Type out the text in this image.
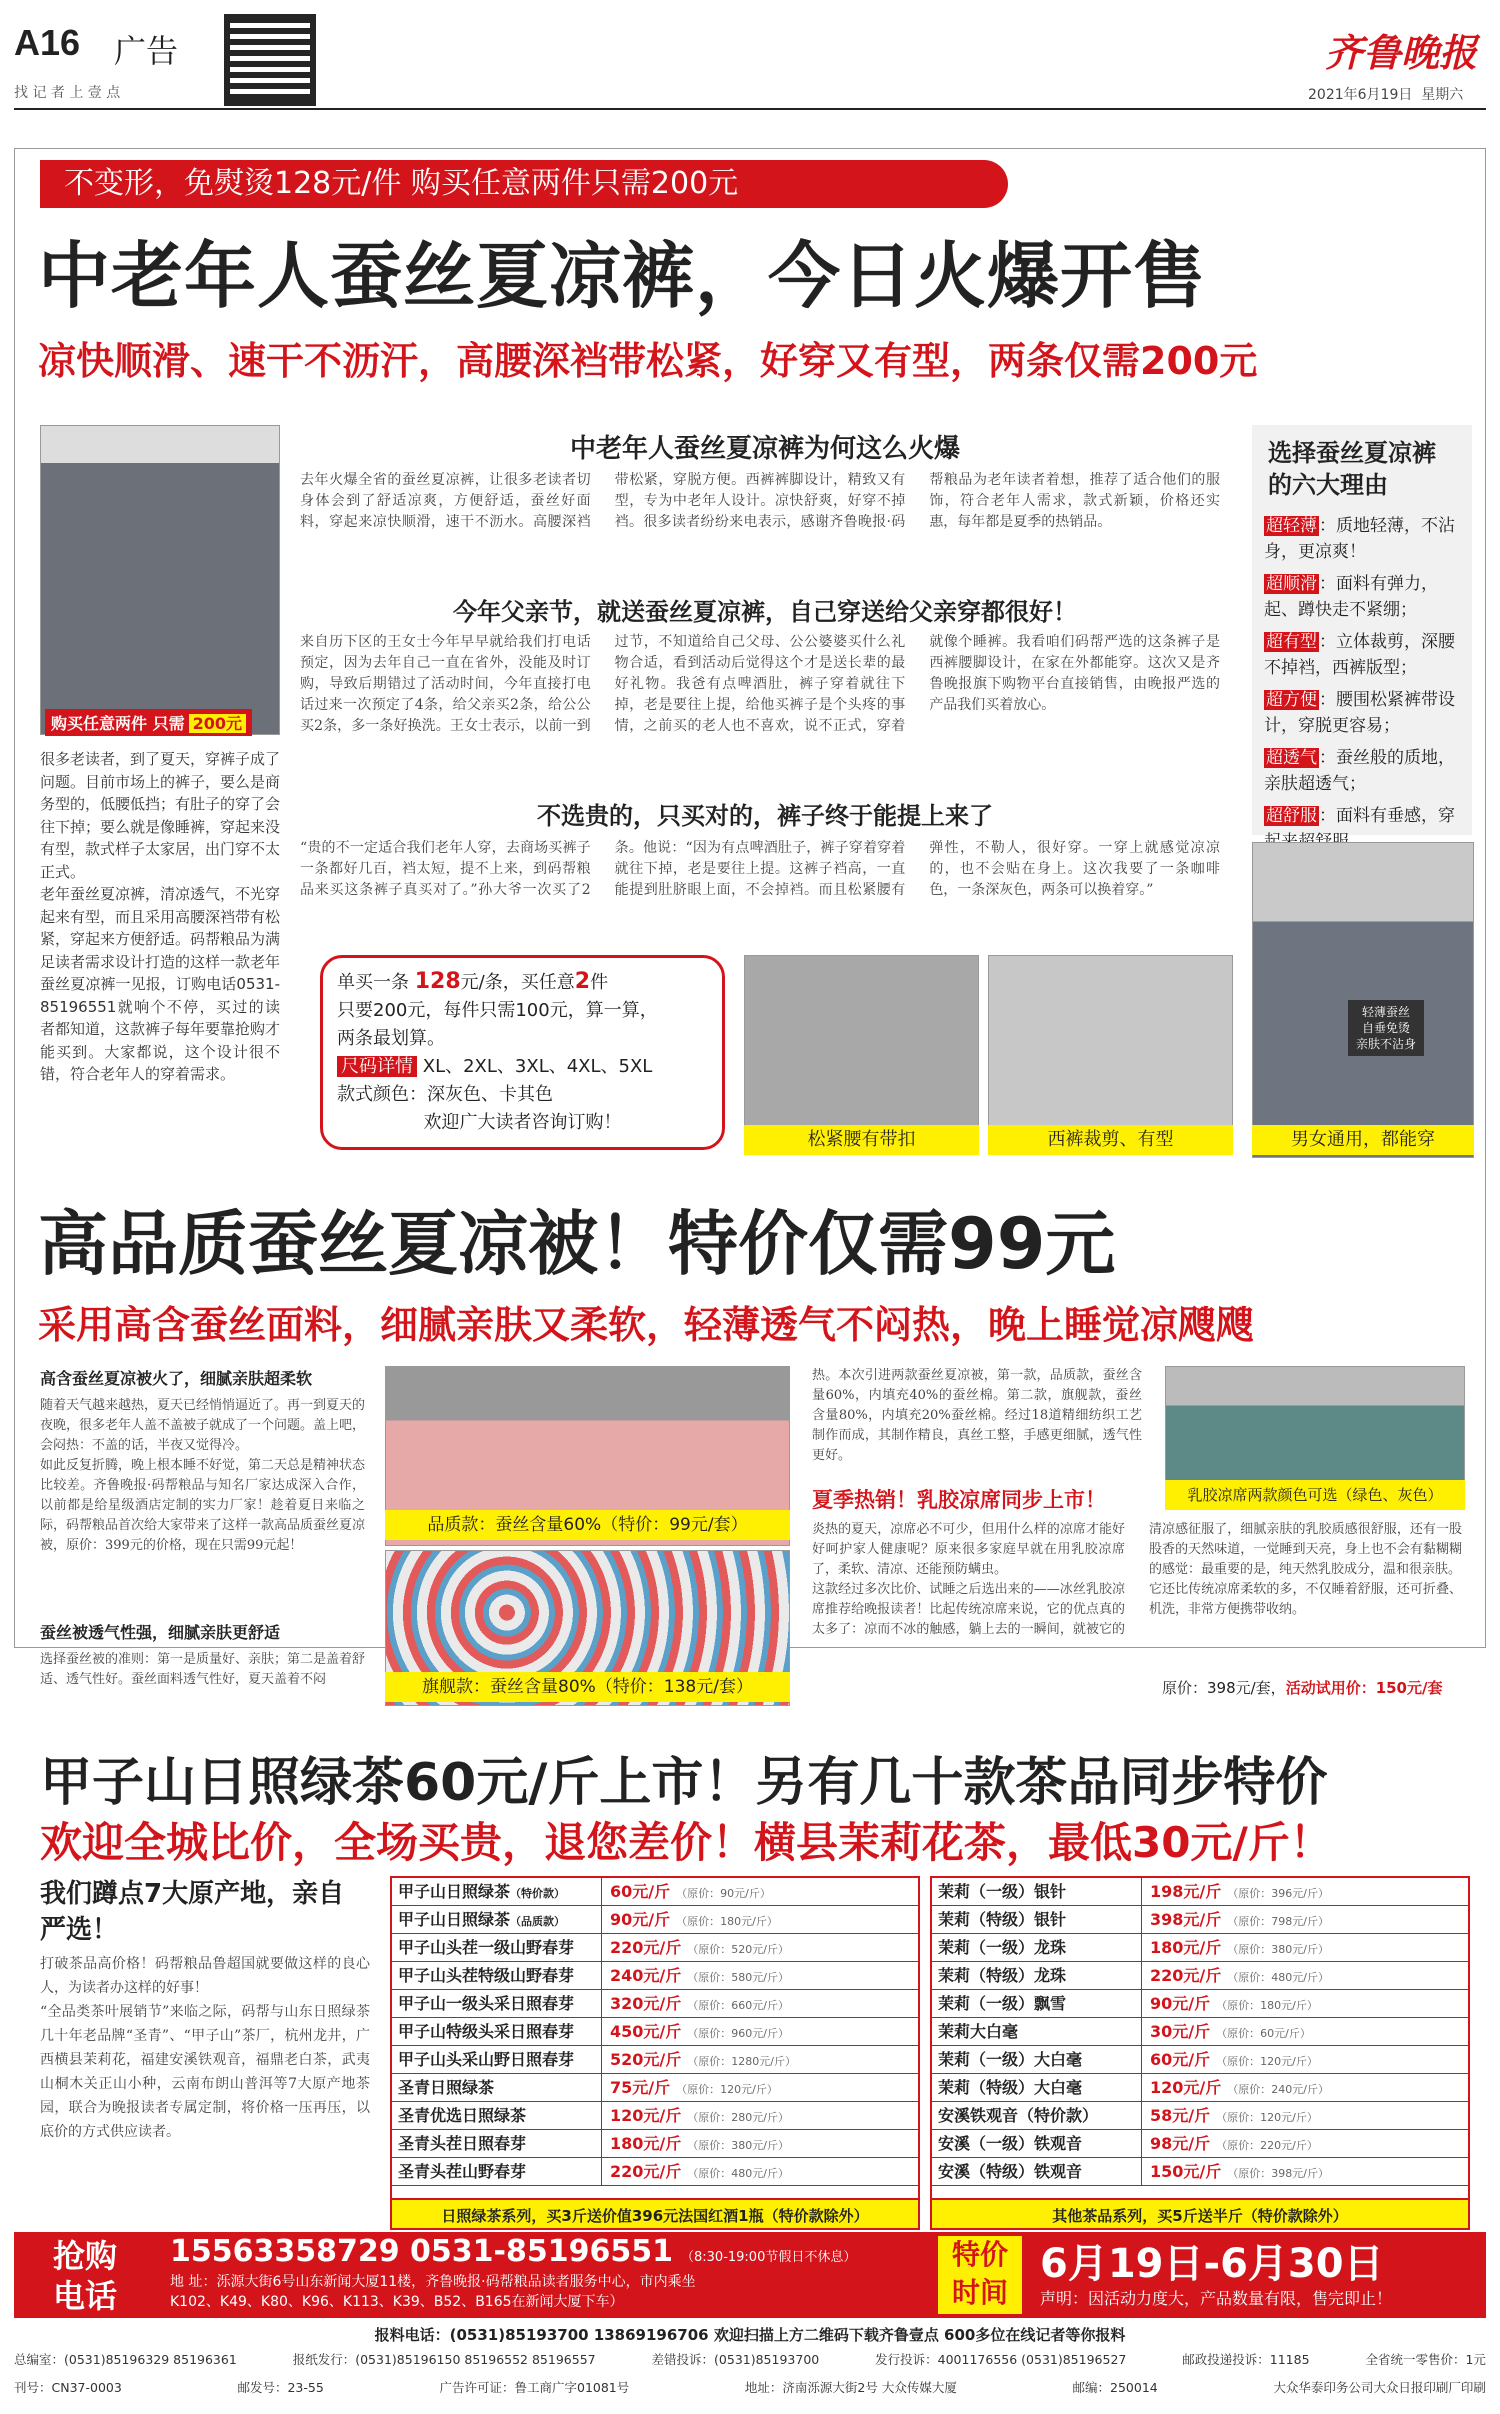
A16 广告
找 记 者 上 壹 点
齐鲁晚报
2021年6月19日 星期六
不变形，免熨烫128元/件 购买任意两件只需200元
中老年人蚕丝夏凉裤，今日火爆开售
凉快顺滑、速干不沥汗，高腰深裆带松紧，好穿又有型，两条仅需200元
购买任意两件 只需 200元
很多老读者，到了夏天，穿裤子成了问题。目前市场上的裤子，要么是商务型的，低腰低挡；有肚子的穿了会往下掉；要么就是像睡裤，穿起来没有型，款式样子太家居，出门穿不太正式。
老年蚕丝夏凉裤，清凉透气，不光穿起来有型，而且采用高腰深裆带有松紧，穿起来方便舒适。码帮粮品为满足读者需求设计打造的这样一款老年蚕丝夏凉裤一见报，订购电话0531-85196551就响个不停，买过的读者都知道，这款裤子每年要靠抢购才能买到。大家都说，这个设计很不错，符合老年人的穿着需求。
中老年人蚕丝夏凉裤为何这么火爆
去年火爆全省的蚕丝夏凉裤，让很多老读者切身体会到了舒适凉爽，方便舒适，蚕丝好面料，穿起来凉快顺滑，速干不沥水。高腰深裆带松紧，穿脱方便。西裤裤脚设计，精致又有型，专为中老年人设计。凉快舒爽，好穿不掉裆。很多读者纷纷来电表示，感谢齐鲁晚报·码帮粮品为老年读者着想，推荐了适合他们的服饰，符合老年人需求，款式新颖，价格还实惠，每年都是夏季的热销品。
今年父亲节，就送蚕丝夏凉裤，自己穿送给父亲穿都很好！
来自历下区的王女士今年早早就给我们打电话预定，因为去年自己一直在省外，没能及时订购，导致后期错过了活动时间，今年直接打电话过来一次预定了4条，给父亲买2条，给公公买2条，多一条好换洗。王女士表示，以前一到过节，不知道给自己父母、公公婆婆买什么礼物合适，看到活动后觉得这个才是送长辈的最好礼物。我爸有点啤酒肚，裤子穿着就往下掉，老是要往上提，给他买裤子是个头疼的事情，之前买的老人也不喜欢，说不正式，穿着就像个睡裤。我看咱们码帮严选的这条裤子是西裤腰脚设计，在家在外都能穿。这次又是齐鲁晚报旗下购物平台直接销售，由晚报严选的产品我们买着放心。
不选贵的，只买对的，裤子终于能提上来了
“贵的不一定适合我们老年人穿，去商场买裤子一条都好几百，裆太短，提不上来，到码帮粮品来买这条裤子真买对了。”孙大爷一次买了2条。他说：“因为有点啤酒肚子，裤子穿着穿着就往下掉，老是要往上提。这裤子裆高，一直能提到肚脐眼上面，不会掉裆。而且松紧腰有弹性，不勒人，很好穿。一穿上就感觉凉凉的，也不会贴在身上。这次我要了一条咖啡色，一条深灰色，两条可以换着穿。”
选择蚕丝夏凉裤的六大理由
超轻薄 ：质地轻薄，不沾身，更凉爽！
超顺滑 ：面料有弹力，起、蹲快走不紧绷；
超有型 ：立体裁剪，深腰不掉裆，西裤版型；
超方便 ：腰围松紧裤带设计，穿脱更容易；
超透气 ：蚕丝般的质地，亲肤超透气；
超舒服 ：面料有垂感，穿
轻薄蚕丝
自垂免烫
亲肤不沾身
单买一条 128元/条，买任意2件
只要200元，每件只需100元，算一算，
两条最划算。
尺码详情 XL、2XL、3XL、4XL、5XL
款式颜色：深灰色、卡其色
欢迎广大读者咨询订购！
松紧腰有带扣	西裤裁剪、有型	男女通用，都能穿
高品质蚕丝夏凉被！特价仅需99元
采用高含蚕丝面料，细腻亲肤又柔软，轻薄透气不闷热，晚上睡觉凉飕飕
高含蚕丝夏凉被火了，细腻亲肤超柔软
随着天气越来越热，夏天已经悄悄逼近了。再一到夏天的夜晚，很多老年人盖不盖被子就成了一个问题。盖上吧，会闷热：不盖的话，半夜又觉得冷。
如此反复折腾，晚上根本睡不好觉，第二天总是精神状态比较差。齐鲁晚报·码帮粮品与知名厂家达成深入合作，以前都是给星级酒店定制的实力厂家！趁着夏日来临之际，码帮粮品首次给大家带来了这样一款高品质蚕丝夏凉被，原价：399元的价格，现在只需99元起！
蚕丝被透气性强，细腻亲肤更舒适
选择蚕丝被的准则：第一是质量好、亲肤；第二是盖着舒适、透气性好。蚕丝面料透气性好，夏天盖着不闷
品质款：蚕丝含量60%（特价：99元/套）
旗舰款：蚕丝含量80%（特价：138元/套）
热。本次引进两款蚕丝夏凉被，第一款，品质款，蚕丝含量60%，内填充40%的蚕丝棉。第二款，旗舰款，蚕丝含量80%，内填充20%蚕丝棉。经过18道精细纺织工艺制作而成，其制作精良，真丝工整，手感更细腻，透气性更好。
夏季热销！乳胶凉席同步上市！
炎热的夏天，凉席必不可少，但用什么样的凉席才能好好呵护家人健康呢？原来很多家庭早就在用乳胶凉席了，柔软、清凉、还能预防螨虫。
这款经过多次比价、试睡之后选出来的——冰丝乳胶凉席推荐给晚报读者！比起传统凉席来说，它的优点真的太多了：凉而不冰的触感，躺上去的一瞬间，就被它的清凉感征服了，细腻亲肤的乳胶质感很舒服，还有一股股香的天然味道，一觉睡到天亮，身上也不会有黏糊糊的感觉：最重要的是，纯天然乳胶成分，温和很亲肤。
它还比传统凉席柔软的多，不仅睡着舒服，还可折叠、机洗，非常方便携带收纳。
乳胶凉席两款颜色可选（绿色、灰色）
原价：398元/套，活动试用价：150元/套
甲子山日照绿茶60元/斤上市！另有几十款茶品同步特价
欢迎全城比价，全场买贵，退您差价！横县茉莉花茶，最低30元/斤！
我们蹲点7大原产地，亲自严选！
打破茶品高价格！码帮粮品鲁超国就要做这样的良心人，为读者办这样的好事！
“全品类茶叶展销节”来临之际，码帮与山东日照绿茶几十年老品牌“圣青”、“甲子山”茶厂，杭州龙井，广西横县茉莉花，福建安溪铁观音，福鼎老白茶，武夷山桐木关正山小种，云南布朗山普洱等7大原产地茶园，联合为晚报读者专属定制，将价格一压再压，以底价的方式供应读者。
甲子山日照绿茶（特价款）	60元/斤 （原价：90元/斤）
甲子山日照绿茶（品质款）	90元/斤 （原价：180元/斤）
甲子山头茬一级山野春芽	220元/斤 （原价：520元/斤）
甲子山头茬特级山野春芽	240元/斤 （原价：580元/斤）
甲子山一级头采日照春芽	320元/斤 （原价：660元/斤）
甲子山特级头采日照春芽	450元/斤 （原价：960元/斤）
甲子山头采山野日照春芽	520元/斤 （原价：1280元/斤）
圣青日照绿茶	75元/斤 （原价：120元/斤）
圣青优选日照绿茶	120元/斤 （原价：280元/斤）
圣青头茬日照春芽	180元/斤 （原价：380元/斤）
圣青头茬山野春芽	220元/斤 （原价：480元/斤）
日照绿茶系列，买3斤送价值396元法国红酒1瓶（特价款除外）
茉莉（一级）银针	198元/斤 （原价：396元/斤）
茉莉（特级）银针	398元/斤 （原价：798元/斤）
茉莉（一级）龙珠	180元/斤 （原价：380元/斤）
茉莉（特级）龙珠	220元/斤 （原价：480元/斤）
茉莉（一级）飘雪	90元/斤 （原价：180元/斤）
茉莉大白毫	30元/斤 （原价：60元/斤）
茉莉（一级）大白毫	60元/斤 （原价：120元/斤）
茉莉（特级）大白毫	120元/斤 （原价：240元/斤）
安溪铁观音（特价款）	58元/斤 （原价：120元/斤）
安溪（一级）铁观音	98元/斤 （原价：220元/斤）
安溪（特级）铁观音	150元/斤 （原价：398元/斤）
其他茶品系列，买5斤送半斤（特价款除外）
抢购
电话
15563358729 0531-85196551 （8:30-19:00节假日不休息）
地 址：泺源大街6号山东新闻大厦11楼，齐鲁晚报·码帮粮品读者服务中心，市内乘坐
K102、K49、K80、K96、K113、K39、B52、B165在新闻大厦下车）
特价
时间
6月19日-6月30日
声明：因活动力度大，产品数量有限，售完即止！
报料电话：(0531)85193700 13869196706 欢迎扫描上方二维码下载齐鲁壹点 600多位在线记者等你报料
总编室：(0531)85196329 85196361	报纸发行：(0531)85196150 85196552 85196557	差错投诉：(0531)85193700	发行投诉：4001176556 (0531)85196527	邮政投递投诉：11185	全省统一零售价：1元
刊号：CN37-0003	邮发号：23-55	广告许可证：鲁工商广字01081号	地址：济南泺源大街2号 大众传媒大厦	邮编：250014	大众华泰印务公司大众日报印刷厂印刷
